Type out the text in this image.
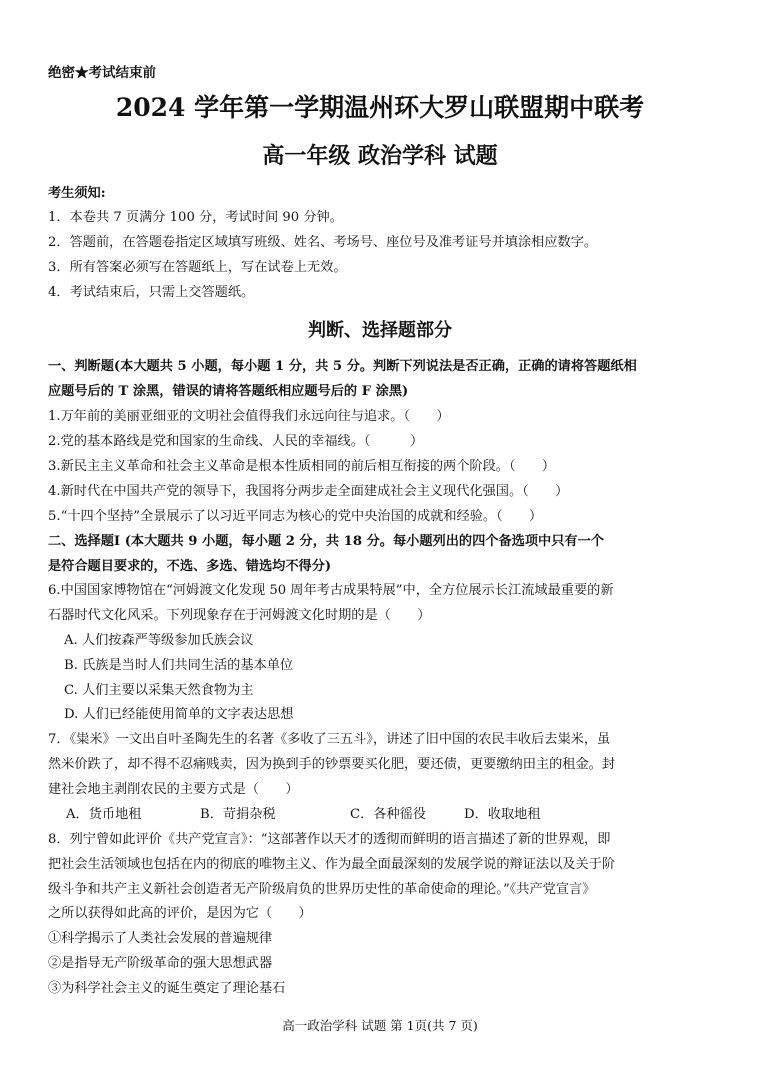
绝密★考试结束前
2024 学年第一学期温州环大罗山联盟期中联考
高一年级 政治学科 试题
考生须知:
1．本卷共 7 页满分 100 分，考试时间 90 分钟。
2．答题前，在答题卷指定区域填写班级、姓名、考场号、座位号及准考证号并填涂相应数字。
3．所有答案必须写在答题纸上，写在试卷上无效。
4．考试结束后，只需上交答题纸。
判断、选择题部分
一、判断题(本大题共 5 小题，每小题 1 分，共 5 分。判断下列说法是否正确，正确的请将答题纸相
应题号后的 T 涂黑，错误的请将答题纸相应题号后的 F 涂黑)
1.万年前的美丽亚细亚的文明社会值得我们永远向往与追求。（　　）
2.党的基本路线是党和国家的生命线、人民的幸福线。（　　　）
3.新民主主义革命和社会主义革命是根本性质相同的前后相互衔接的两个阶段。（　　）
4.新时代在中国共产党的领导下，我国将分两步走全面建成社会主义现代化强国。（　　）
5.“十四个坚持”全景展示了以习近平同志为核心的党中央治国的成就和经验。（　　）
二、选择题Ⅰ (本大题共 9 小题，每小题 2 分，共 18 分。每小题列出的四个备选项中只有一个
是符合题目要求的，不选、多选、错选均不得分)
6.中国国家博物馆在“河姆渡文化发现 50 周年考古成果特展”中，全方位展示长江流域最重要的新
石器时代文化风采。下列现象存在于河姆渡文化时期的是（　　）
A. 人们按森严等级参加氏族会议
B. 氏族是当时人们共同生活的基本单位
C. 人们主要以采集天然食物为主
D. 人们已经能使用简单的文字表达思想
7．《粜米》一文出自叶圣陶先生的名著《多收了三五斗》，讲述了旧中国的农民丰收后去粜米，虽
然米价跌了，却不得不忍痛贱卖，因为换到手的钞票要买化肥，要还债，更要缴纳田主的租金。封
建社会地主剥削农民的主要方式是（　　）
A．货币地租	B．苛捐杂税	C．各种徭役	D．收取地租
8．列宁曾如此评价《共产党宣言》：“这部著作以天才的透彻而鲜明的语言描述了新的世界观，即
把社会生活领域也包括在内的彻底的唯物主义、作为最全面最深刻的发展学说的辩证法以及关于阶
级斗争和共产主义新社会创造者无产阶级肩负的世界历史性的革命使命的理论。”《共产党宣言》
之所以获得如此高的评价，是因为它（　　）
①科学揭示了人类社会发展的普遍规律
②是指导无产阶级革命的强大思想武器
③为科学社会主义的诞生奠定了理论基石
高一政治学科 试题 第 1页(共 7 页)
